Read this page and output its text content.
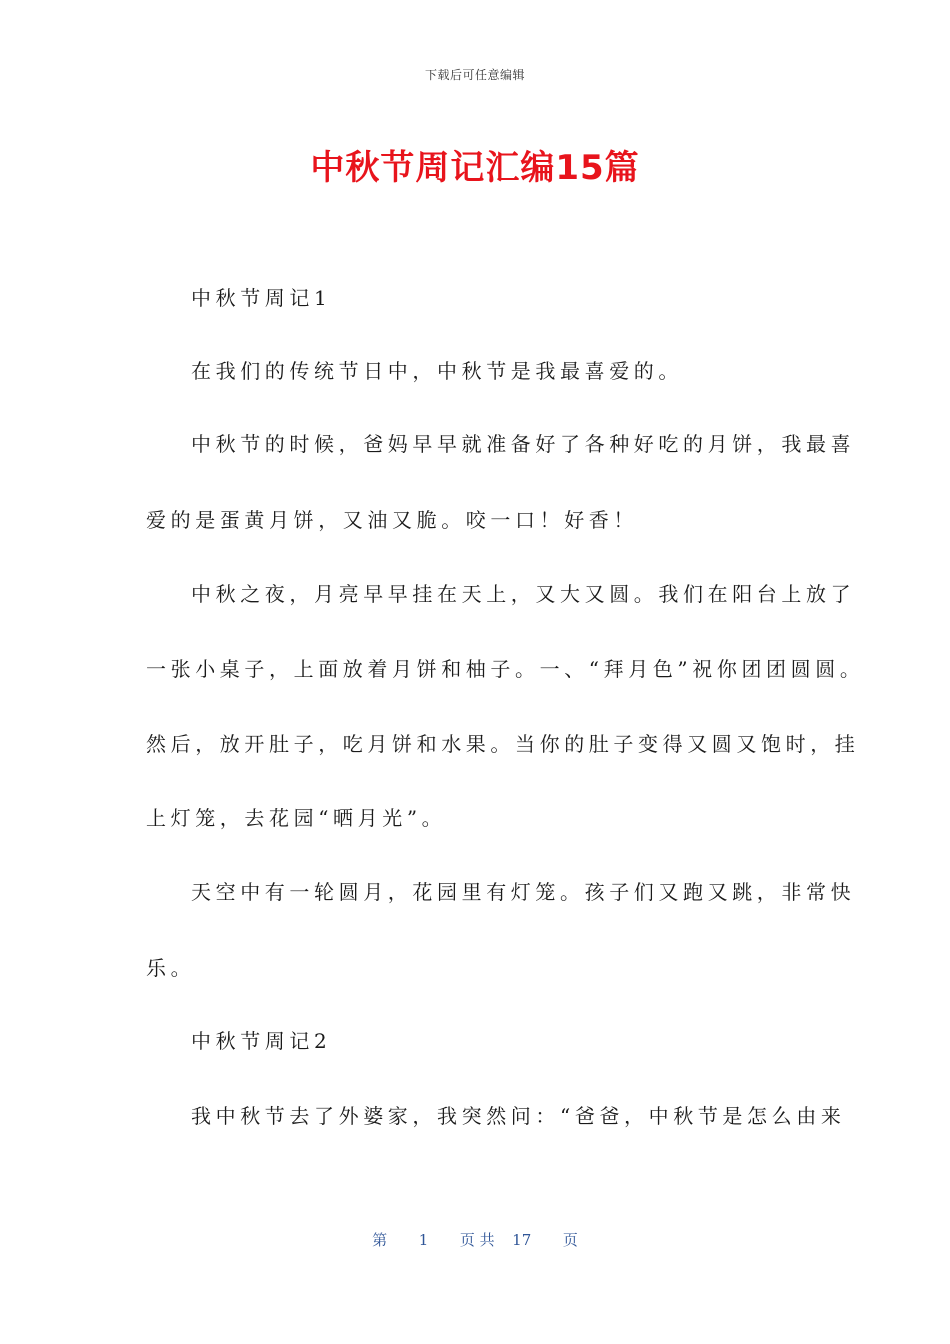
下载后可任意编辑
中秋节周记汇编15篇
中秋节周记1
在我们的传统节日中，中秋节是我最喜爱的。
中秋节的时候，爸妈早早就准备好了各种好吃的月饼，我最喜
爱的是蛋黄月饼，又油又脆。咬一口！好香！
中秋之夜，月亮早早挂在天上，又大又圆。我们在阳台上放了
一张小桌子，上面放着月饼和柚子。一、“拜月色”祝你团团圆圆。
然后，放开肚子，吃月饼和水果。当你的肚子变得又圆又饱时，挂
上灯笼，去花园“晒月光”。
天空中有一轮圆月，花园里有灯笼。孩子们又跑又跳，非常快
乐。
中秋节周记2
我中秋节去了外婆家，我突然问：“爸爸，中秋节是怎么由来
第 1 页 共 17 页
